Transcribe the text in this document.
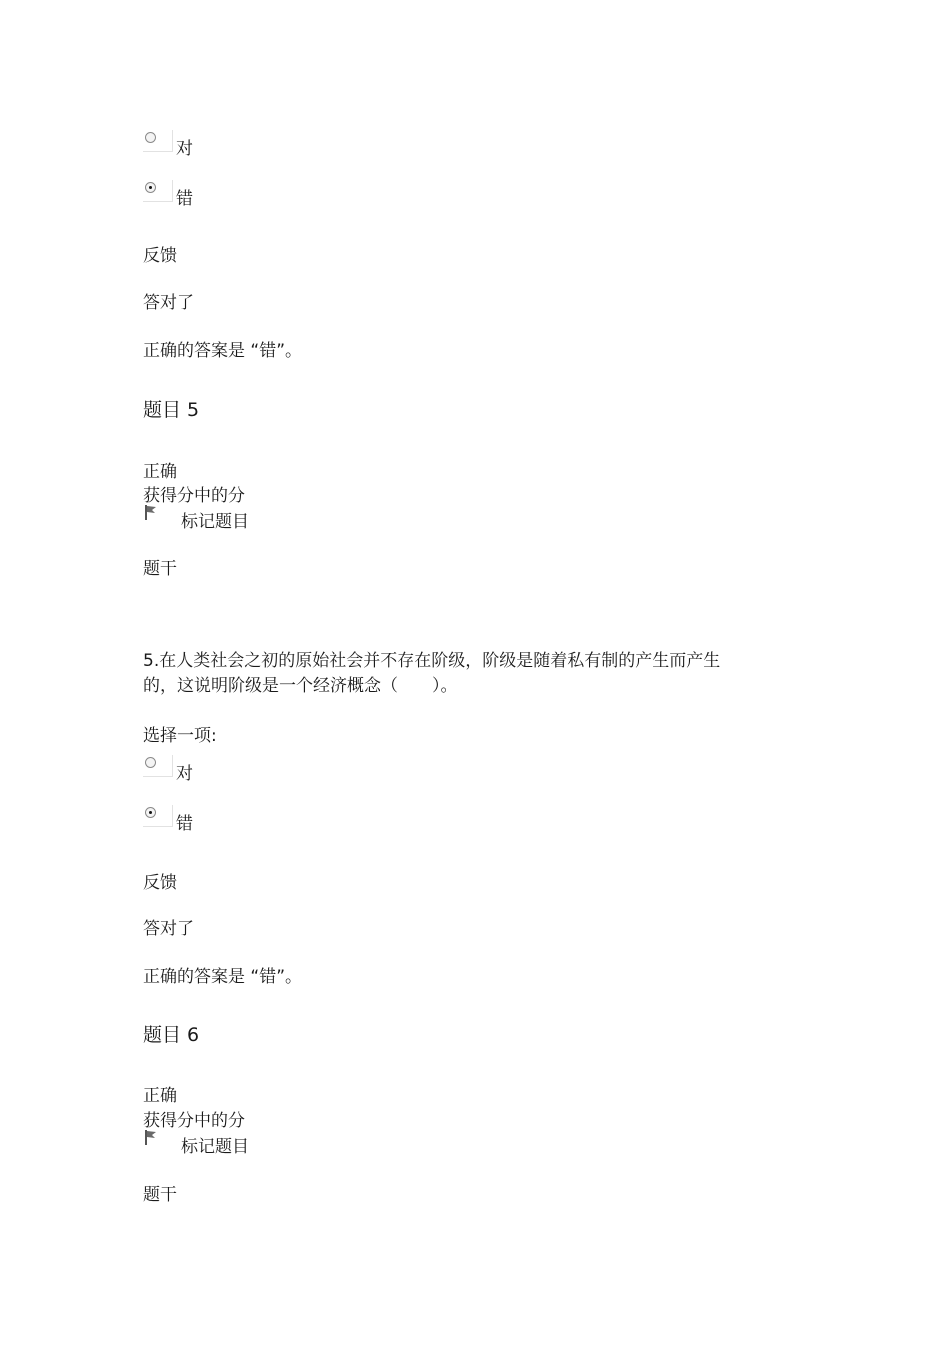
对
错
反馈
答对了
正确的答案是 “错”。
题目 5
正确
获得分中的分
标记题目
题干
5.在人类社会之初的原始社会并不存在阶级，阶级是随着私有制的产生而产生
的，这说明阶级是一个经济概念（　　）。
选择一项:
对
错
反馈
答对了
正确的答案是 “错”。
题目 6
正确
获得分中的分
标记题目
题干
